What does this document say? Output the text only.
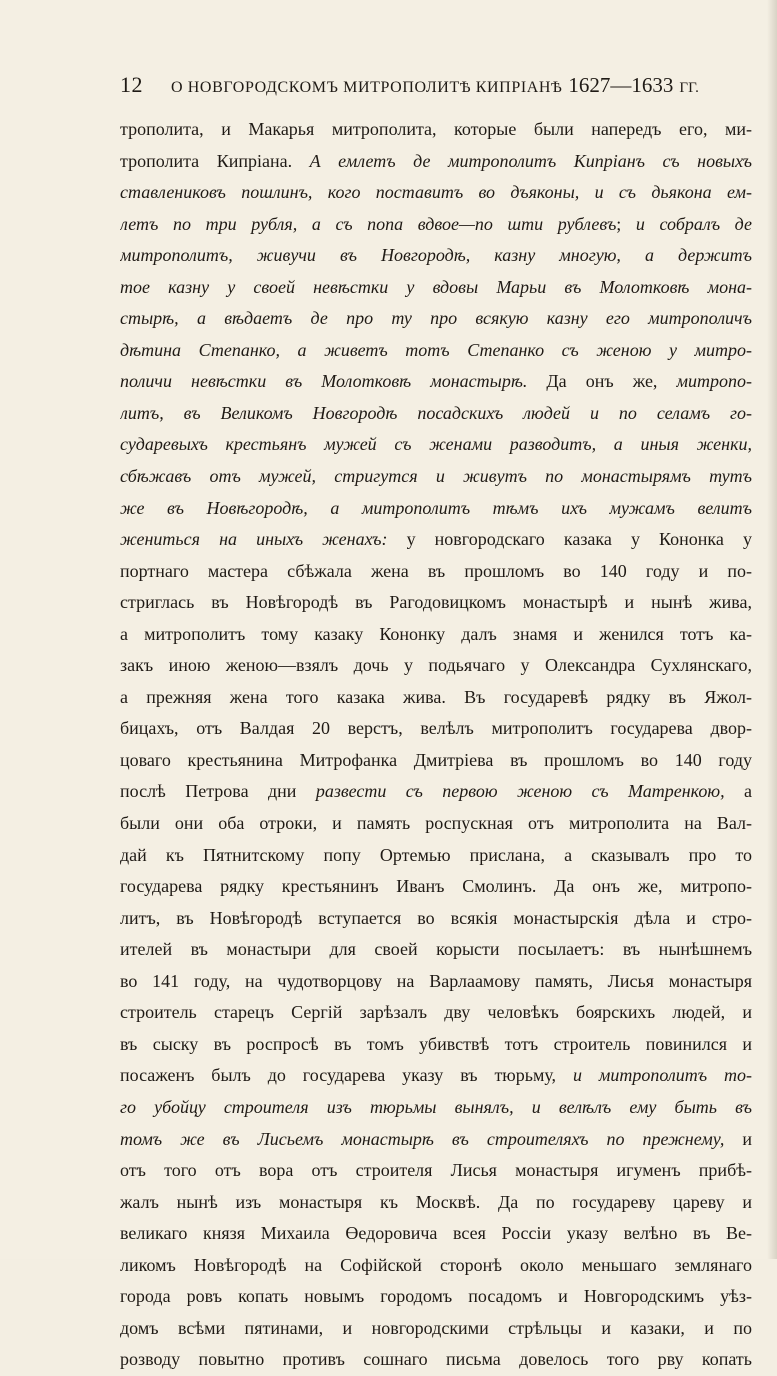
12 О НОВГОРОДСКОМЪ МИТРОПОЛИТѢ КИПРІАНѢ 1627—1633 ГГ.
трополита, и Макарья митрополита, которые были напередъ его, ми-
трополита Кипріана. А емлетъ де митрополитъ Кипріанъ съ новыхъ
ставлениковъ пошлинъ, кого поставитъ во дъяконы, и съ дьякона ем-
летъ по три рубля, а съ попа вдвое—по шти рублевъ; и собралъ де
митрополитъ, живучи въ Новгородѣ, казну многую, а держитъ
тое казну у своей невѣстки у вдовы Марьи въ Молотковѣ мона-
стырѣ, а вѣдаетъ де про ту про всякую казну его митрополичъ
дѣтина Степанко, а живетъ тотъ Степанко съ женою у митро-
поличи невѣстки въ Молотковѣ монастырѣ. Да онъ же, митропо-
литъ, въ Великомъ Новгородѣ посадскихъ людей и по селамъ го-
сударевыхъ крестьянъ мужей съ женами разводитъ, а иныя женки,
сбѣжавъ отъ мужей, стригутся и живутъ по монастырямъ тутъ
же въ Новѣгородѣ, а митрополитъ тѣмъ ихъ мужамъ велитъ
жениться на иныхъ женахъ: у новгородскаго казака у Кононка у
портнаго мастера сбѣжала жена въ прошломъ во 140 году и по-
стриглась въ Новѣгородѣ въ Рагодовицкомъ монастырѣ и нынѣ жива,
а митрополитъ тому казаку Кононку далъ знамя и женился тотъ ка-
закъ иною женою—взялъ дочь у подьячаго у Олександра Сухлянскаго,
а прежняя жена того казака жива. Въ государевѣ рядку въ Яжол-
бицахъ, отъ Валдая 20 верстъ, велѣлъ митрополитъ государева двор-
цоваго крестьянина Митрофанка Дмитріева въ прошломъ во 140 году
послѣ Петрова дни развести съ первою женою съ Матренкою, а
были они оба отроки, и память роспускная отъ митрополита на Вал-
дай къ Пятнитскому попу Ортемью прислана, а сказывалъ про то
государева рядку крестьянинъ Иванъ Смолинъ. Да онъ же, митропо-
литъ, въ Новѣгородѣ вступается во всякія монастырскія дѣла и стро-
ителей въ монастыри для своей корысти посылаетъ: въ нынѣшнемъ
во 141 году, на чудотворцову на Варлаамову память, Лисья монастыря
строитель старецъ Сергій зарѣзалъ дву человѣкъ боярскихъ людей, и
въ сыску въ роспросѣ въ томъ убивствѣ тотъ строитель повинился и
посаженъ былъ до государева указу въ тюрьму, и митрополитъ то-
го убойцу строителя изъ тюрьмы вынялъ, и велѣлъ ему быть въ
томъ же въ Лисьемъ монастырѣ въ строителяхъ по прежнему, и
отъ того отъ вора отъ строителя Лисья монастыря игуменъ прибѣ-
жалъ нынѣ изъ монастыря къ Москвѣ. Да по государеву цареву и
великаго князя Михаила Өедоровича всея Россіи указу велѣно въ Ве-
ликомъ Новѣгородѣ на Софійской сторонѣ около меньшаго землянаго
города ровъ копать новымъ городомъ посадомъ и Новгородскимъ уѣз-
домъ всѣми пятинами, и новгородскими стрѣльцы и казаки, и по
розводу повытно противъ сошнаго письма довелось того рву копать
